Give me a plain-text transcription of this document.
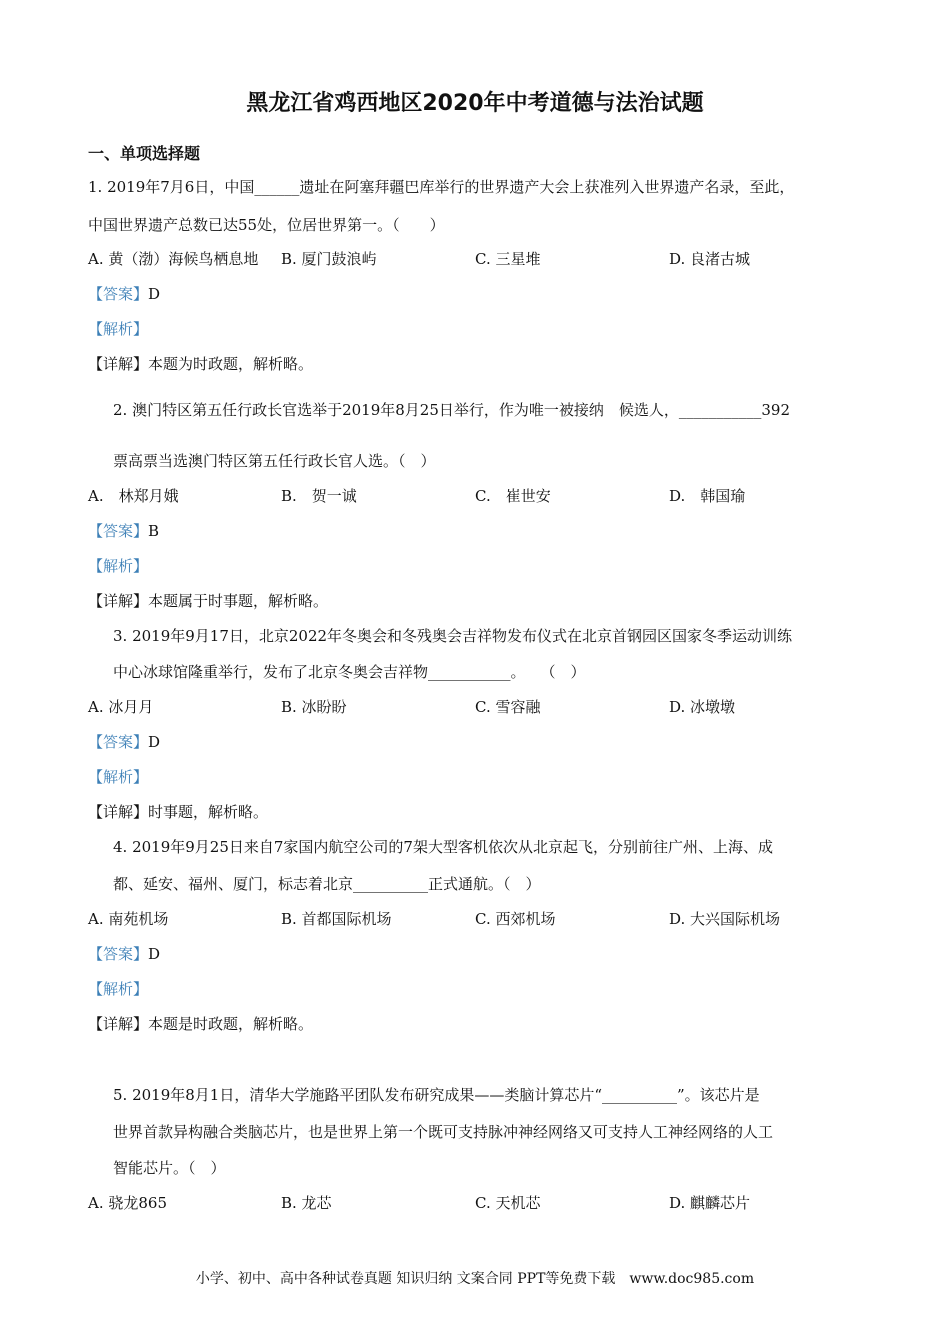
黑龙江省鸡西地区2020年中考道德与法治试题
一、单项选择题
1. 2019年7月6日，中国______遗址在阿塞拜疆巴库举行的世界遗产大会上获准列入世界遗产名录，至此，
中国世界遗产总数已达55处，位居世界第一。（　　）
A. 黄（渤）海候鸟栖息地 B. 厦门鼓浪屿	C. 三星堆	D. 良渚古城
【答案】D
【解析】
【详解】本题为时政题，解析略。
2. 澳门特区第五任行政长官选举于2019年8月25日举行，作为唯一被接纳　候选人，___________392
票高票当选澳门特区第五任行政长官人选。（　）
A.　林郑月娥	B.　贺一诚	C.　崔世安	D.　韩国瑜
【答案】B
【解析】
【详解】本题属于时事题，解析略。
3. 2019年9月17日，北京2022年冬奥会和冬残奥会吉祥物发布仪式在北京首钢园区国家冬季运动训练
中心冰球馆隆重举行，发布了北京冬奥会吉祥物___________。　　（　）
A. 冰月月	B. 冰盼盼	C. 雪容融	D. 冰墩墩
【答案】D
【解析】
【详解】时事题，解析略。
4. 2019年9月25日来自7家国内航空公司的7架大型客机依次从北京起飞，分别前往广州、上海、成
都、延安、福州、厦门，标志着北京__________正式通航。（　）
A. 南苑机场	B. 首都国际机场	C. 西郊机场	D. 大兴国际机场
【答案】D
【解析】
【详解】本题是时政题，解析略。
5. 2019年8月1日，清华大学施路平团队发布研究成果——类脑计算芯片“__________”。该芯片是
世界首款异构融合类脑芯片，也是世界上第一个既可支持脉冲神经网络又可支持人工神经网络的人工
智能芯片。（　）
A. 骁龙865	B. 龙芯	C. 天机芯	D. 麒麟芯片
小学、初中、高中各种试卷真题 知识归纳 文案合同 PPT等免费下载　www.doc985.com
